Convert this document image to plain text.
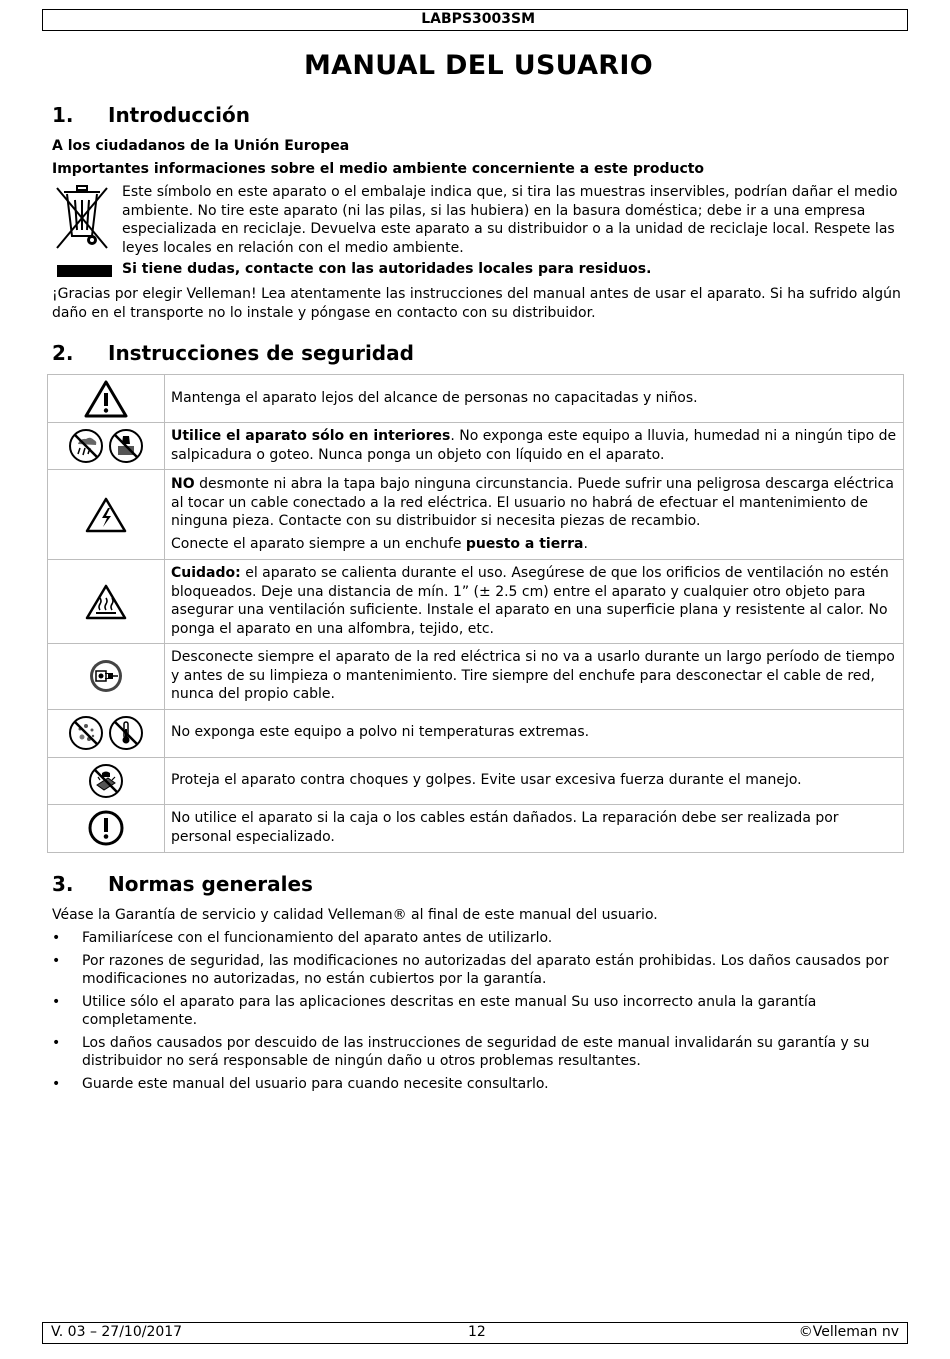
LABPS3003SM
MANUAL DEL USUARIO
1. Introducción

A los ciudadanos de la Unión Europea

Importantes informaciones sobre el medio ambiente concerniente a este producto

Este símbolo en este aparato o el embalaje indica que, si tira las muestras inservibles, podrían dañar el medio ambiente. No tire este aparato (ni las pilas, si las hubiera) en la basura doméstica; debe ir a una empresa especializada en reciclaje. Devuelva este aparato a su distribuidor o a la unidad de reciclaje local. Respete las leyes locales en relación con el medio ambiente.

Si tiene dudas, contacte con las autoridades locales para residuos.

¡Gracias por elegir Velleman! Lea atentamente las instrucciones del manual antes de usar el aparato. Si ha sufrido algún daño en el transporte no lo instale y póngase en contacto con su distribuidor.

2. Instrucciones de seguridad

Mantenga el aparato lejos del alcance de personas no capacitadas y niños.

Utilice el aparato sólo en interiores. No exponga este equipo a lluvia, humedad ni a ningún tipo de salpicadura o goteo. Nunca ponga un objeto con líquido en el aparato.

NO desmonte ni abra la tapa bajo ninguna circunstancia. Puede sufrir una peligrosa descarga eléctrica al tocar un cable conectado a la red eléctrica. El usuario no habrá de efectuar el mantenimiento de ninguna pieza. Contacte con su distribuidor si necesita piezas de recambio.

Conecte el aparato siempre a un enchufe puesto a tierra.

Cuidado: el aparato se calienta durante el uso. Asegúrese de que los orificios de ventilación no estén bloqueados. Deje una distancia de mín. 1” (± 2.5 cm) entre el aparato y cualquier otro objeto para asegurar una ventilación suficiente. Instale el aparato en una superficie plana y resistente al calor. No ponga el aparato en una alfombra, tejido, etc.

Desconecte siempre el aparato de la red eléctrica si no va a usarlo durante un largo período de tiempo y antes de su limpieza o mantenimiento. Tire siempre del enchufe para desconectar el cable de red, nunca del propio cable.

No exponga este equipo a polvo ni temperaturas extremas.

Proteja el aparato contra choques y golpes. Evite usar excesiva fuerza durante el manejo.

No utilice el aparato si la caja o los cables están dañados. La reparación debe ser realizada por personal especializado.

3. Normas generales

Véase la Garantía de servicio y calidad Velleman® al final de este manual del usuario.

• Familiarícese con el funcionamiento del aparato antes de utilizarlo.
• Por razones de seguridad, las modificaciones no autorizadas del aparato están prohibidas. Los daños causados por modificaciones no autorizadas, no están cubiertos por la garantía.
• Utilice sólo el aparato para las aplicaciones descritas en este manual Su uso incorrecto anula la garantía completamente.
• Los daños causados por descuido de las instrucciones de seguridad de este manual invalidarán su garantía y su distribuidor no será responsable de ningún daño u otros problemas resultantes.
• Guarde este manual del usuario para cuando necesite consultarlo.
V. 03 – 27/10/2017	12	©Velleman nv
